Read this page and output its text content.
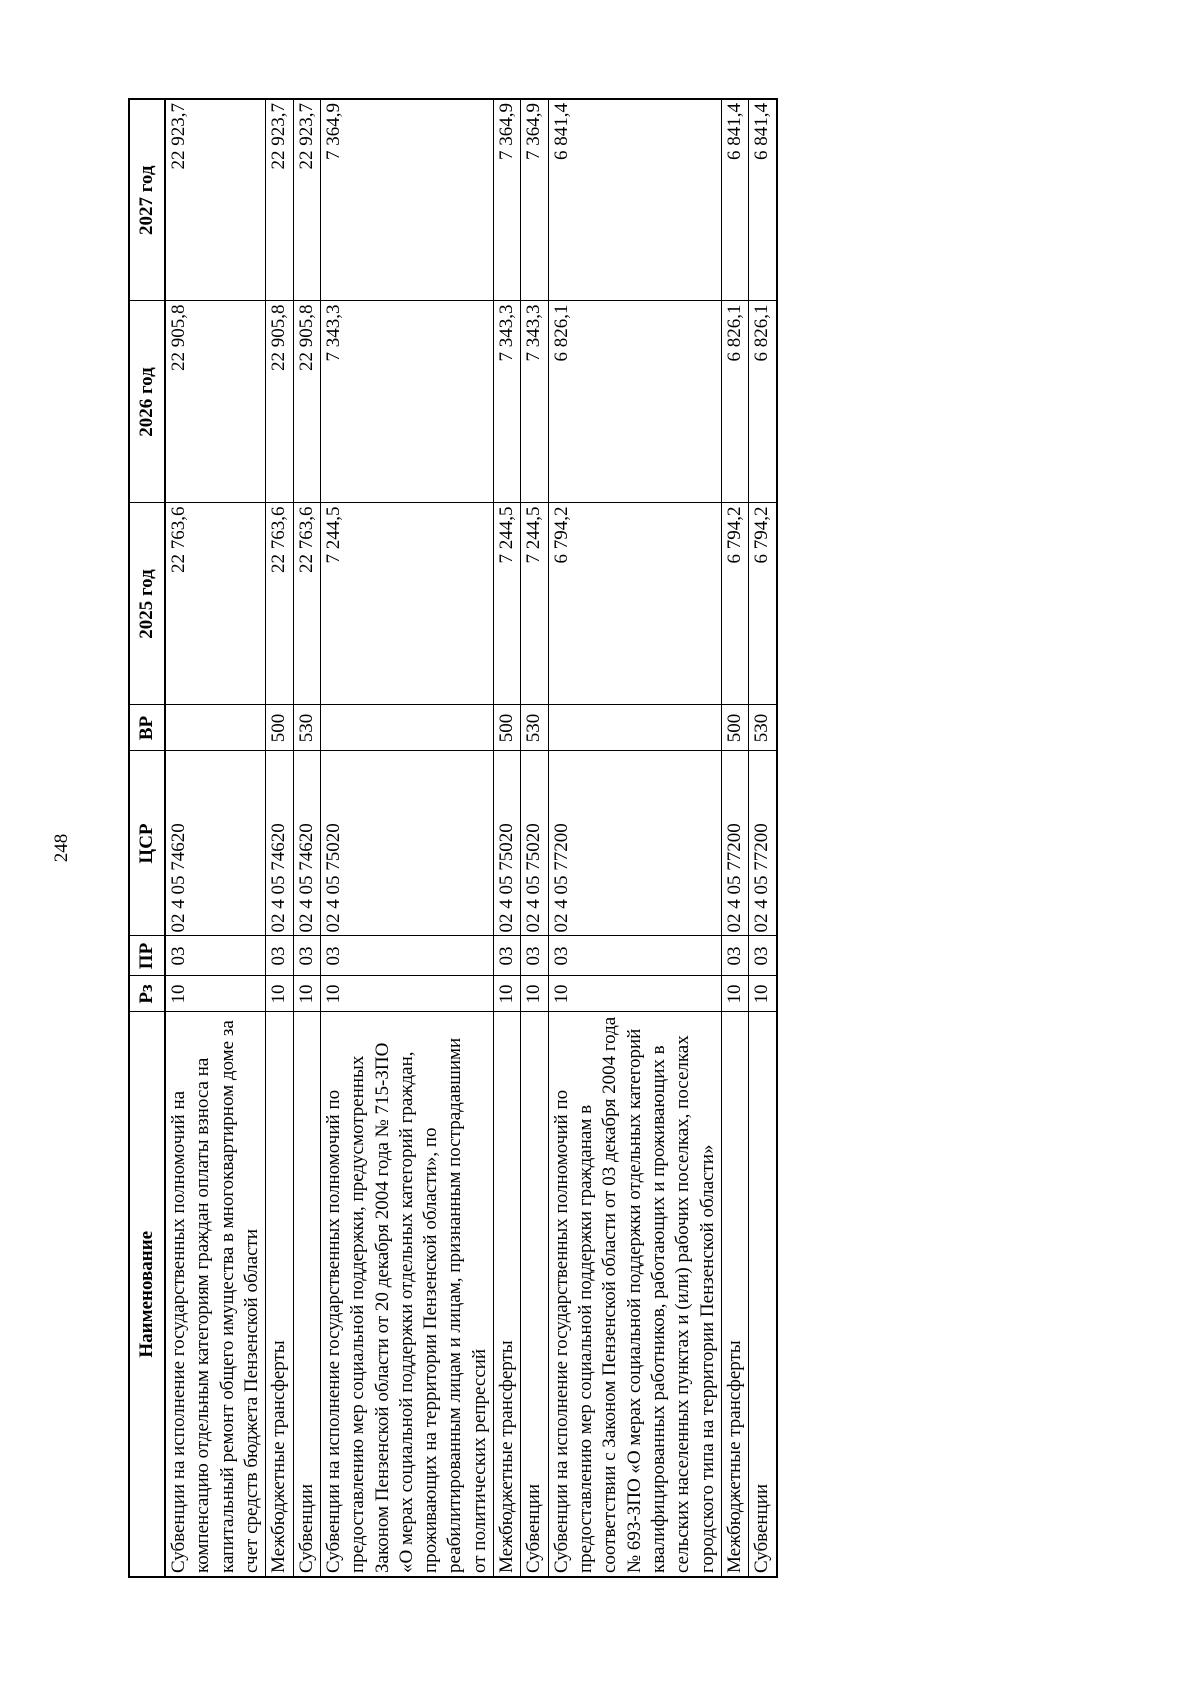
248
Наименование	Рз	ПР	ЦСР	ВР	2025 год	2026 год	2027 год
Субвенции на исполнение государственных полномочий на компенсацию отдельным категориям граждан оплаты взноса на капитальный ремонт общего имущества в многоквартирном доме за счет средств бюджета Пензенской области	10	03	02 4 05 74620		22 763,6	22 905,8	22 923,7
Межбюджетные трансферты	10	03	02 4 05 74620	500	22 763,6	22 905,8	22 923,7
Субвенции	10	03	02 4 05 74620	530	22 763,6	22 905,8	22 923,7
Субвенции на исполнение государственных полномочий по предоставлению мер социальной поддержки, предусмотренных Законом Пензенской области от 20 декабря 2004 года № 715-ЗПО «О мерах социальной поддержки отдельных категорий граждан, проживающих на территории Пензенской области», по реабилитированным лицам и лицам, признанным пострадавшими от политических репрессий	10	03	02 4 05 75020		7 244,5	7 343,3	7 364,9
Межбюджетные трансферты	10	03	02 4 05 75020	500	7 244,5	7 343,3	7 364,9
Субвенции	10	03	02 4 05 75020	530	7 244,5	7 343,3	7 364,9
Субвенции на исполнение государственных полномочий по предоставлению мер социальной поддержки гражданам в соответствии с Законом Пензенской области от 03 декабря 2004 года № 693-ЗПО «О мерах социальной поддержки отдельных категорий квалифицированных работников, работающих и проживающих в сельских населенных пунктах и (или) рабочих поселках, поселках городского типа на территории Пензенской области»	10	03	02 4 05 77200		6 794,2	6 826,1	6 841,4
Межбюджетные трансферты	10	03	02 4 05 77200	500	6 794,2	6 826,1	6 841,4
Субвенции	10	03	02 4 05 77200	530	6 794,2	6 826,1	6 841,4
